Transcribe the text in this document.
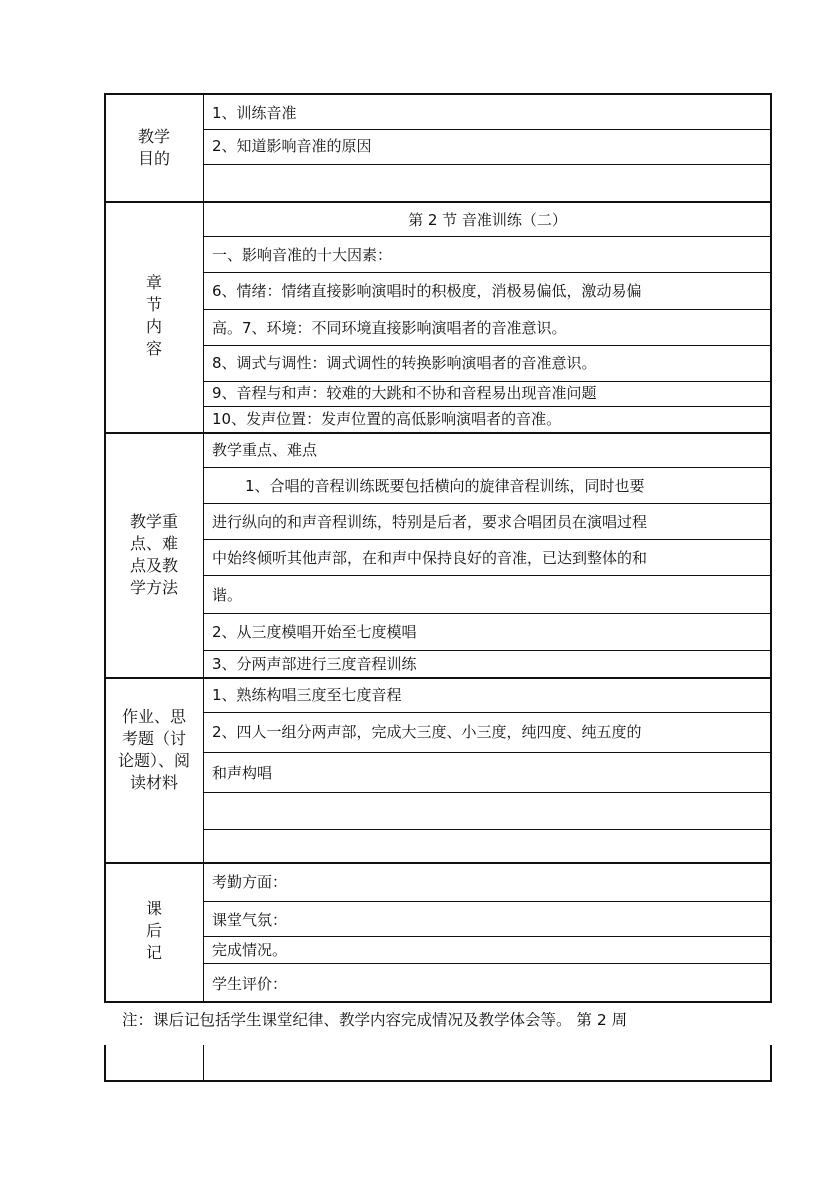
教学
目的
1、训练音准
2、知道影响音准的原因
章
节
内
容
第 2 节 音准训练（二）
一、影响音准的十大因素：
6、情绪：情绪直接影响演唱时的积极度，消极易偏低，激动易偏
高。7、环境：不同环境直接影响演唱者的音准意识。
8、调式与调性：调式调性的转换影响演唱者的音准意识。
9、音程与和声：较难的大跳和不协和音程易出现音准问题
10、发声位置：发声位置的高低影响演唱者的音准。
教学重
点、难
点及教
学方法
教学重点、难点
1、合唱的音程训练既要包括横向的旋律音程训练，同时也要
进行纵向的和声音程训练，特别是后者，要求合唱团员在演唱过程
中始终倾听其他声部，在和声中保持良好的音准，已达到整体的和
谐。
2、从三度模唱开始至七度模唱
3、分两声部进行三度音程训练
作业、思
考题（讨
论题）、阅
读材料
1、熟练构唱三度至七度音程
2、四人一组分两声部，完成大三度、小三度，纯四度、纯五度的
和声构唱
课
后
记
考勤方面：
课堂气氛：
完成情况。
学生评价：
注：课后记包括学生课堂纪律、教学内容完成情况及教学体会等。 第 2 周
